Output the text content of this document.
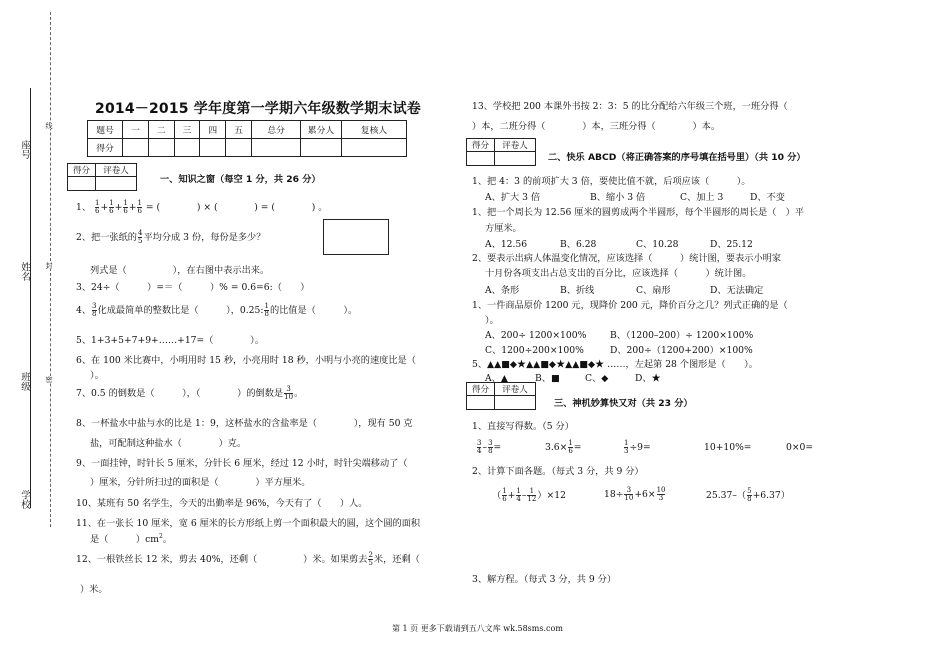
座号
姓名
班级
学校
线
封
密
2014－2015 学年度第一学期六年级数学期末试卷
题号	一	二	三	四	五	总分	累分人	复核人
得分								
得分	评卷人

一、知识之窗（每空 1 分，共 26 分）
1、 $\frac{1}{6} + \frac{1}{6} + \frac{1}{6} + \frac{1}{6}$ = (　　　　) × (　　　　) = (　　　　) 。
2、把一张纸的 $\frac{4}{5}$ 平均分成 3 份，每份是多少？
列式是（　　　　　），在右图中表示出来。
3、24÷（　　　）=＝（　　　）% = 0.6=6:（　　）
4、 $\frac{3}{8}$ 化成最简单的整数比是（　　　），0.25: $\frac{1}{8}$ 的比值是（　　　）。
5、1+3+5+7+9+……+17=（　　　　）。
6、在 100 米比赛中，小明用时 15 秒，小亮用时 18 秒，小明与小亮的速度比是（
）。
7、0.5 的倒数是（　　　），（　　　　）的倒数是 $\frac{3}{10}$ 。
8、一杯盐水中盐与水的比是 1：9，这杯盐水的含盐率是（　　　　），现有 50 克
盐，可配制这种盐水（　　　　）克。
9、一面挂钟，时针长 5 厘米，分针长 6 厘米，经过 12 小时，时针尖端移动了（
）厘米，分针所扫过的面积是（　　　　）平方厘米。
10、某班有 50 名学生，今天的出勤率是 96%，今天有了（　　）人。
11、在一张长 10 厘米，宽 6 厘米的长方形纸上剪一个面积最大的圆，这个圆的面积
是（　　　）$cm^2$。
12、一根铁丝长 12 米，剪去 40%，还剩（　　　　　）米。如果剪去 $\frac{2}{5}$ 米，还剩（
）米。
13、学校把 200 本课外书按 2：3：5 的比分配给六年级三个班，一班分得（
）本，二班分得（　　　　）本，三班分得（　　　　）本。
得分	评卷人

二、快乐 ABCD（将正确答案的序号填在括号里）（共 10 分）
1、把 4：3 的前项扩大 3 倍，要使比值不就，后项应该（　　　）。
A、扩大 3 倍	B、缩小 3 倍	C、加上 3	D、不变
1、把一个周长为 12.56 厘米的圆剪成两个半圆形，每个半圆形的周长是（　）平
方厘米。
A、12.56	B、6.28	C、10.28	D、25.12
2、要表示出病人体温变化情况，应该选择（　　　）统计图，要表示小明家
十月份各项支出占总支出的百分比，应该选择（　　　）统计图。
A、条形	B、折线	C、扇形	D、无法确定
1、一件商品原价 1200 元，现降价 200 元，降价百分之几？列式正确的是（
）。
A、200÷ 1200×100%	B、（1200–200）÷ 1200×100%
C、1200÷200×100%	D、200÷（1200+200）×100%
5、▲▲■◆★▲▲■◆★▲▲■◆★ ……，左起第 28 个图形是（　　）。
A、▲	B、■	C、◆	D、★
得分	评卷人

三、神机妙算快又对（共 23 分）
1、直接写得数。（5 分）
$\frac{3}{4} - \frac{3}{8}$ =	$3.6\times \frac{1}{6}$ =	$\frac{1}{3} \div 9=$	10+10%=	0×0=
2、计算下面各题。（每式 3 分，共 9 分）
（ $\frac{1}{6} + \frac{1}{4} - \frac{1}{12} )\times 12$	$18\div \frac{3}{10} +6\times \frac{10}{3}$	$25.37-( \frac{5}{8} +6.37)$
3、解方程。（每式 3 分，共 9 分）
第 1 页 更多下载请到五八文库 wk.58sms.com
